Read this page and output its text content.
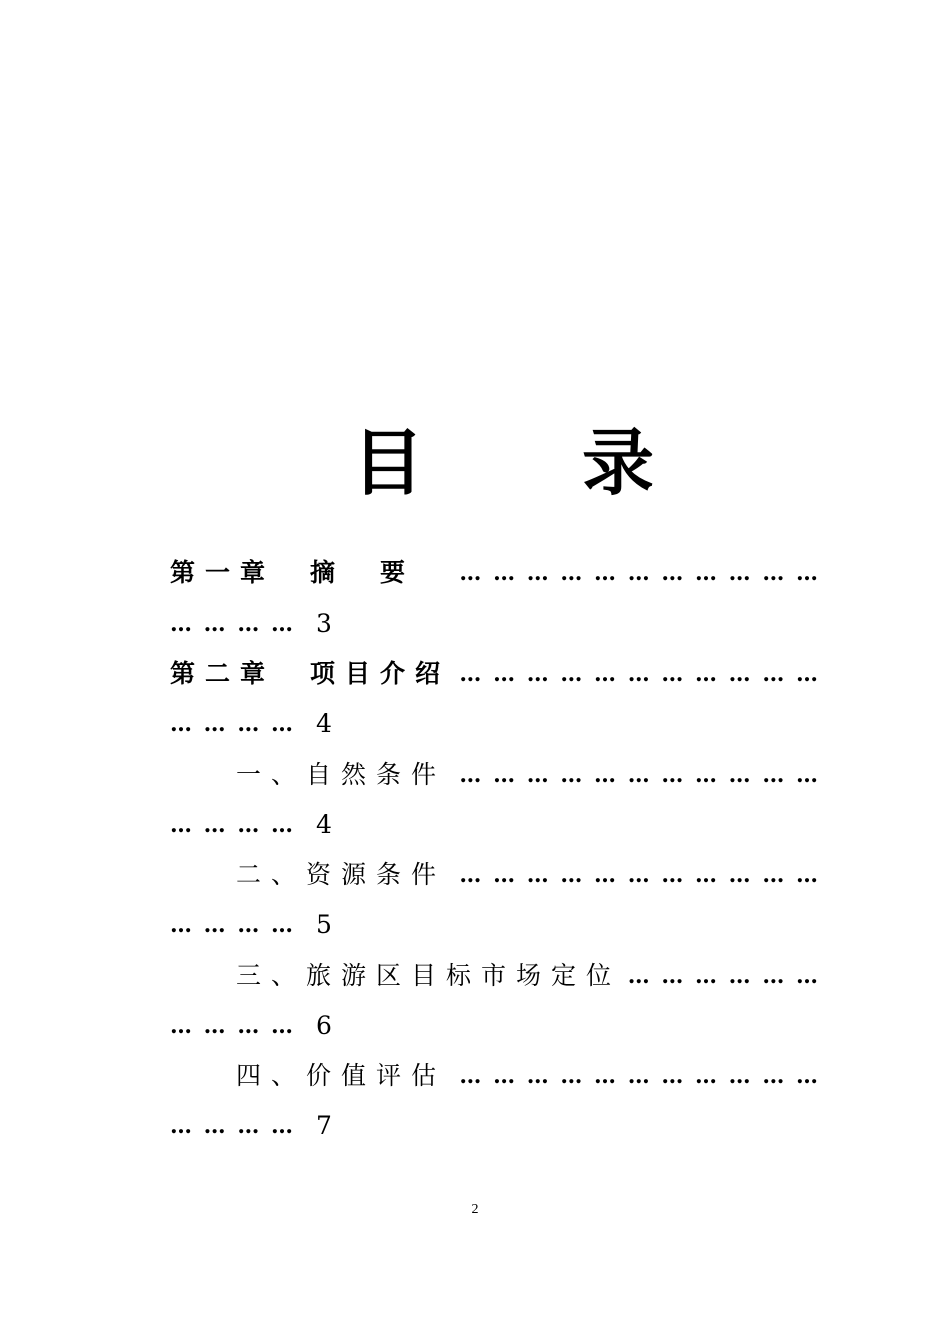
目 录
第一章　摘　要 … … … … … … … … … … …
… … … … 3
第二章　项目介绍 … … … … … … … … … … …
… … … … 4
一、自然条件 … … … … … … … … … … …
… … … … 4
二、资源条件 … … … … … … … … … … …
… … … … 5
三、旅游区目标市场定位 … … … … … …
… … … … 6
四、价值评估 … … … … … … … … … … …
… … … … 7
2
